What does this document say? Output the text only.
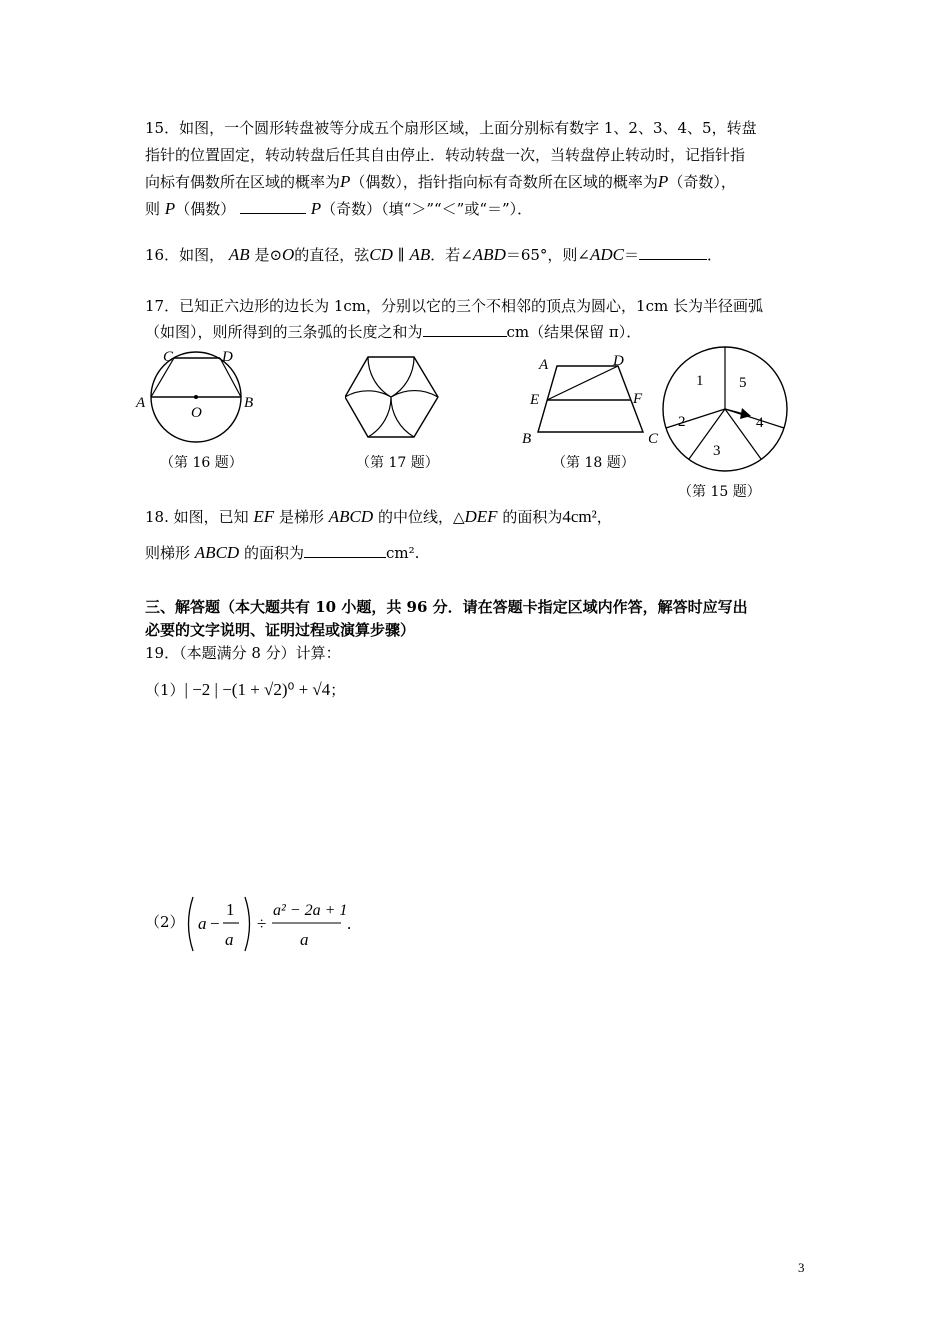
15．如图，一个圆形转盘被等分成五个扇形区域，上面分别标有数字 1、2、3、4、5，转盘
指针的位置固定，转动转盘后任其自由停止．转动转盘一次，当转盘停止转动时，记指针指
向标有偶数所在区域的概率为P（偶数），指针指向标有奇数所在区域的概率为P（奇数），
则 P（偶数）	P（奇数）（填“＞”“＜”或“＝”）．
16．如图， AB 是⊙O的直径，弦CD ∥ AB．若∠ABD＝65°，则∠ADC＝	．
17．已知正六边形的边长为 1cm，分别以它的三个不相邻的顶点为圆心，1cm 长为半径画弧
（如图），则所得到的三条弧的长度之和为	cm（结果保留 π）．
C	D
A	B
O
（第 16 题）	（第 17 题）
A	D
E	F
B	C
（第 18 题）
1 5
2	4
3
（第 15 题）
18. 如图，已知 EF 是梯形 ABCD 的中位线，△DEF 的面积为4cm²，
则梯形 ABCD 的面积为	cm².
三、解答题（本大题共有 10 小题，共 96 分．请在答题卡指定区域内作答，解答时应写出
必要的文字说明、证明过程或演算步骤）
19．（本题满分 8 分）计算：
（1）| −2 | −(1 + √2)⁰ + √4；
（2） a −
1
a
÷
a² − 2a + 1
a
.
3
